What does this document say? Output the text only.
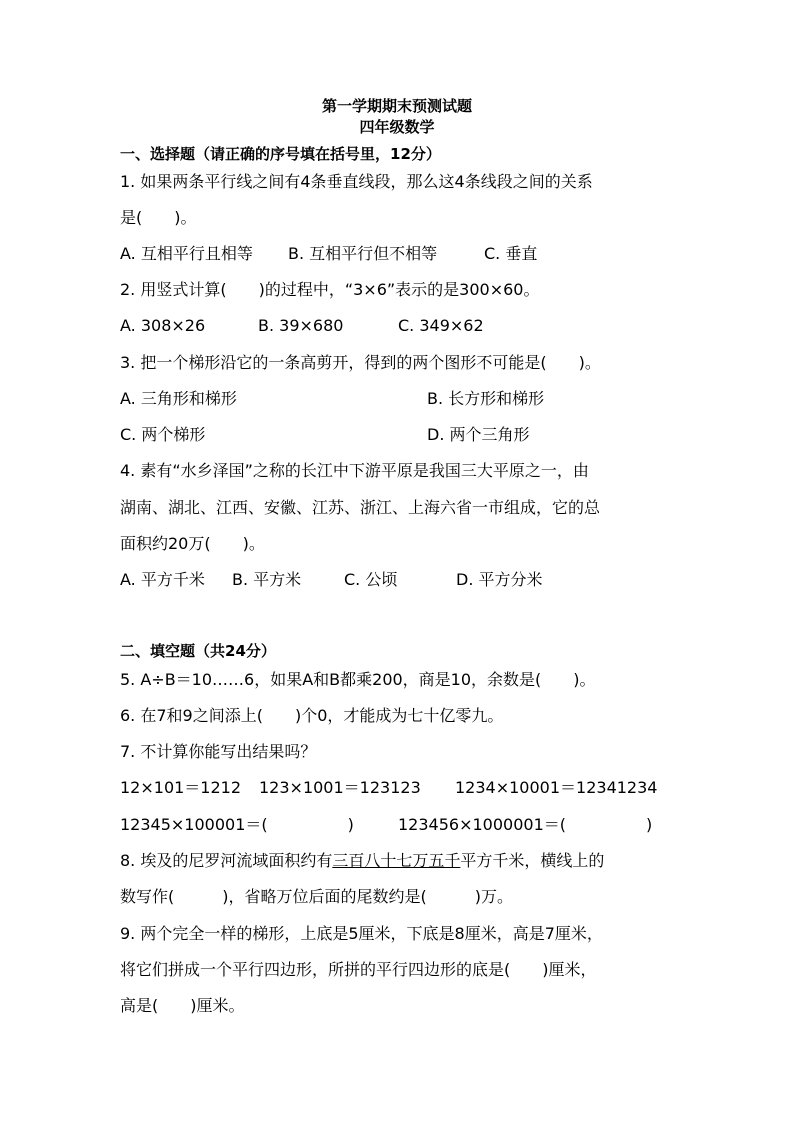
第一学期期末预测试题
四年级数学
一、选择题（请正确的序号填在括号里，12分）
1. 如果两条平行线之间有4条垂直线段，那么这4条线段之间的关系
是(　　)。
A. 互相平行且相等 B. 互相平行但不相等	C. 垂直
2. 用竖式计算(　　)的过程中，“3×6”表示的是300×60。
A. 308×26	B. 39×680	C. 349×62
3. 把一个梯形沿它的一条高剪开，得到的两个图形不可能是(　　)。
A. 三角形和梯形	B. 长方形和梯形
C. 两个梯形	D. 两个三角形
4. 素有“水乡泽国”之称的长江中下游平原是我国三大平原之一，由
湖南、湖北、江西、安徽、江苏、浙江、上海六省一市组成，它的总
面积约20万(　　)。
A. 平方千米 B. 平方米	C. 公顷	D. 平方分米
二、填空题（共24分）
5. A÷B＝10……6，如果A和B都乘200，商是10，余数是(　　)。
6. 在7和9之间添上(　　)个0，才能成为七十亿零九。
7. 不计算你能写出结果吗？
12×101＝1212 123×1001＝123123 1234×10001＝12341234
12345×100001＝(　　　　　)	123456×1000001＝(　　　　　)
8. 埃及的尼罗河流域面积约有三百八十七万五千平方千米，横线上的
数写作(　　　)，省略万位后面的尾数约是(　　　)万。
9. 两个完全一样的梯形，上底是5厘米，下底是8厘米，高是7厘米，
将它们拼成一个平行四边形，所拼的平行四边形的底是(　　)厘米，
高是(　　)厘米。
